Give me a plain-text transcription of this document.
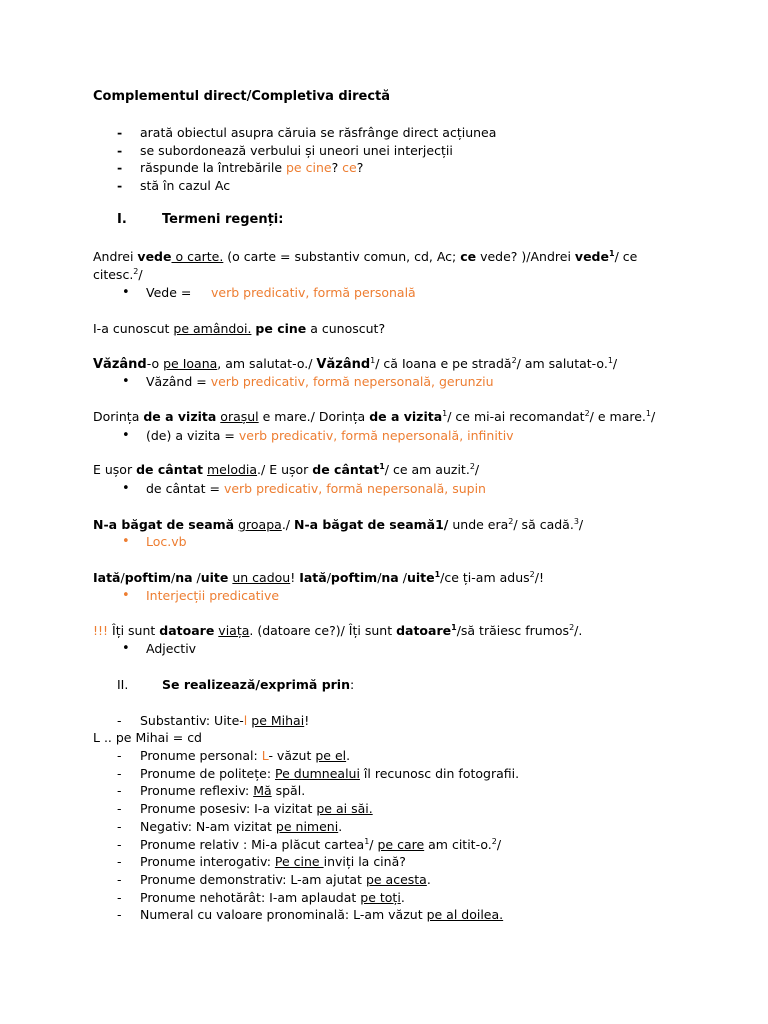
Complementul direct/Completiva directă
- arată obiectul asupra căruia se răsfrânge direct acțiunea
- se subordonează verbului și uneori unei interjecții
- răspunde la întrebările pe cine? ce?
- stă în cazul Ac
I.	Termeni regenți:
Andrei vede o carte. (o carte = substantiv comun, cd, Ac; ce vede? )/Andrei vede$^1$/ ce
citesc.$^2$/
• Vede = verb predicativ, formă personală
I-a cunoscut pe amândoi. pe cine a cunoscut?
Văzând-o pe Ioana, am salutat-o./ Văzând$^1$/ că Ioana e pe stradă$^2$/ am salutat-o.$^1$/
• Văzând = verb predicativ, formă nepersonală, gerunziu
Dorința de a vizita orașul e mare./ Dorința de a vizita$^1$/ ce mi-ai recomandat$^2$/ e mare.$^1$/
• (de) a vizita = verb predicativ, formă nepersonală, infinitiv
E ușor de cântat melodia./ E ușor de cântat$^1$/ ce am auzit.$^2$/
• de cântat = verb predicativ, formă nepersonală, supin
N-a băgat de seamă groapa./ N-a băgat de seamă1/ unde era$^2$/ să cadă.$^3$/
• Loc.vb
Iată/poftim/na /uite un cadou! Iată/poftim/na /uite$^1$/ce ți-am adus$^2$/!
• Interjecții predicative
!!! Îți sunt datoare viața. (datoare ce?)/ Îți sunt datoare$^1$/să trăiesc frumos$^2$/.
• Adjectiv
II.	Se realizează/exprimă prin:
- Substantiv: Uite-l pe Mihai!
L .. pe Mihai = cd
- Pronume personal: L- văzut pe el.
- Pronume de politețe: Pe dumnealui îl recunosc din fotografii.
- Pronume reflexiv: Mă spăl.
- Pronume posesiv: I-a vizitat pe ai săi.
- Negativ: N-am vizitat pe nimeni.
- Pronume relativ : Mi-a plăcut cartea$^1$/ pe care am citit-o.$^2$/
- Pronume interogativ: Pe cine inviți la cină?
- Pronume demonstrativ: L-am ajutat pe acesta.
- Pronume nehotărât: I-am aplaudat pe toți.
- Numeral cu valoare pronominală: L-am văzut pe al doilea.
